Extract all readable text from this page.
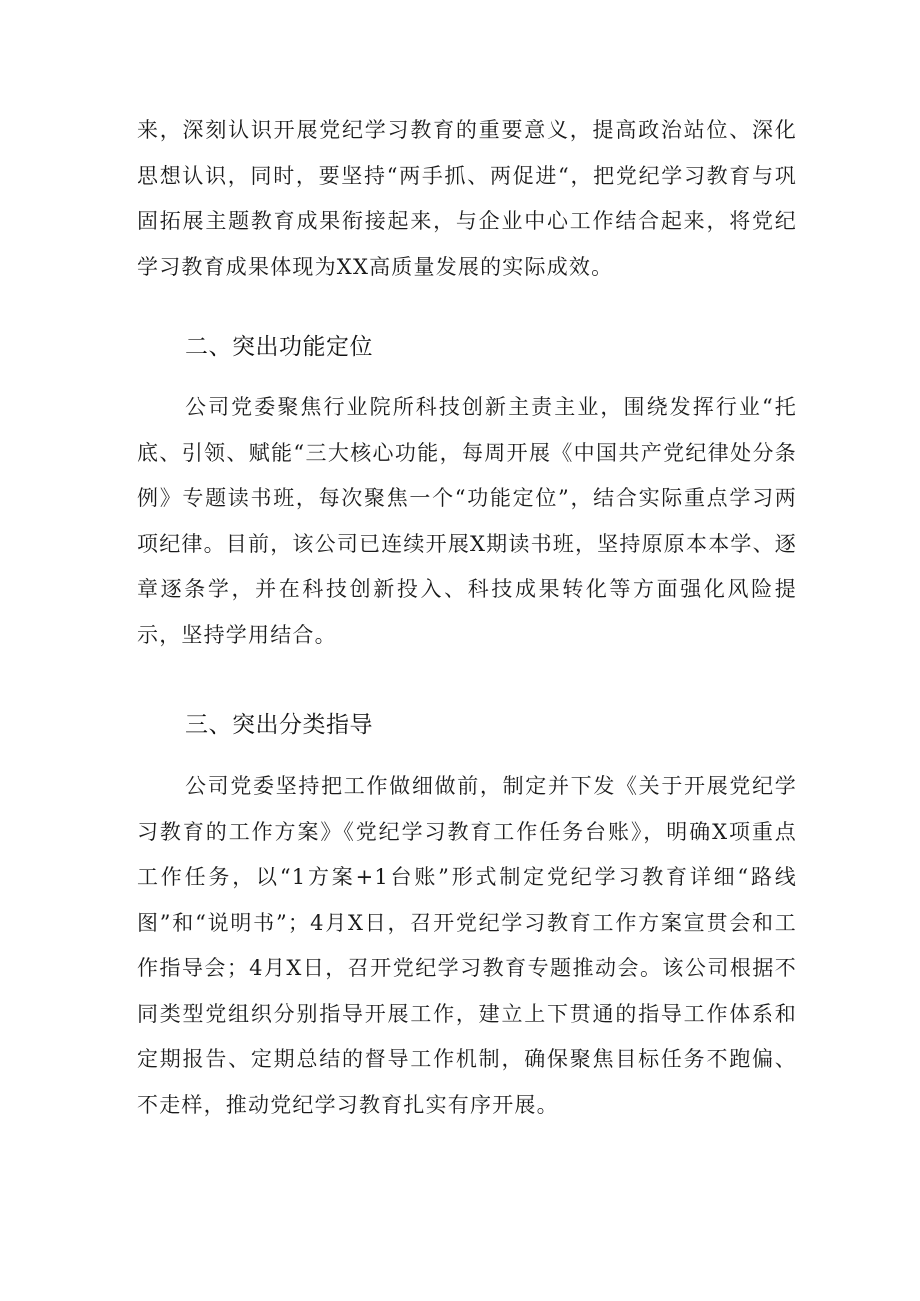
来，深刻认识开展党纪学习教育的重要意义，提高政治站位、深化思想认识，同时，要坚持“两手抓、两促进“，把党纪学习教育与巩固拓展主题教育成果衔接起来，与企业中心工作结合起来，将党纪学习教育成果体现为XX高质量发展的实际成效。

二、突出功能定位

公司党委聚焦行业院所科技创新主责主业，围绕发挥行业“托底、引领、赋能“三大核心功能，每周开展《中国共产党纪律处分条例》专题读书班，每次聚焦一个“功能定位”，结合实际重点学习两项纪律。目前，该公司已连续开展X期读书班，坚持原原本本学、逐章逐条学，并在科技创新投入、科技成果转化等方面强化风险提示，坚持学用结合。

三、突出分类指导

公司党委坚持把工作做细做前，制定并下发《关于开展党纪学习教育的工作方案》《党纪学习教育工作任务台账》，明确X项重点工作任务，以“1方案+1台账”形式制定党纪学习教育详细“路线图”和“说明书”；4月X日，召开党纪学习教育工作方案宣贯会和工作指导会；4月X日，召开党纪学习教育专题推动会。该公司根据不同类型党组织分别指导开展工作，建立上下贯通的指导工作体系和定期报告、定期总结的督导工作机制，确保聚焦目标任务不跑偏、不走样，推动党纪学习教育扎实有序开展。
